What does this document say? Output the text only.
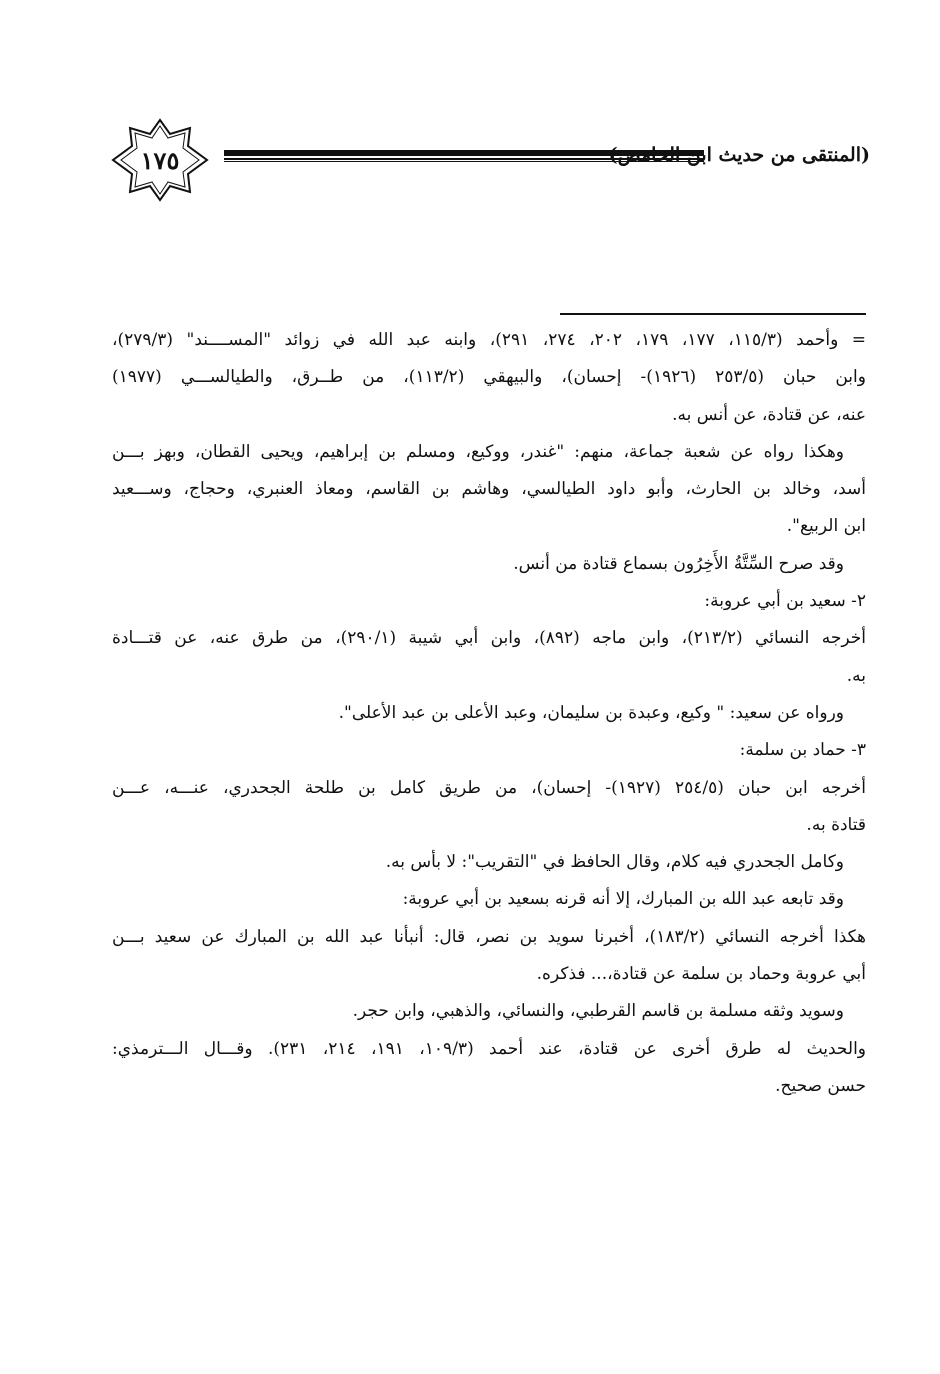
١٧٥	(المنتقى من حديث ابن الحامض)
= وأحمد (١١٥/٣، ١٧٧، ١٧٩، ٢٠٢، ٢٧٤، ٢٩١)، وابنه عبد الله في زوائد "المســــند" (٢٧٩/٣)،
وابن حبان (٢٥٣/٥ (١٩٢٦)- إحسان)، والبيهقي (١١٣/٢)، من طــرق، والطيالســـي (١٩٧٧)
عنه، عن قتادة، عن أنس به.
وهكذا رواه عن شعبة جماعة، منهم: "غندر، ووكيع، ومسلم بن إبراهيم، ويحيى القطان، وبهز بـــن
أسد، وخالد بن الحارث، وأبو داود الطيالسي، وهاشم بن القاسم، ومعاذ العنبري، وحجاج، وســـعيد
ابن الربيع".
وقد صرح السِّتَّةُ الأَخِرُون بسماع قتادة من أنس.
٢- سعيد بن أبي عروبة:
أخرجه النسائي (٢١٣/٢)، وابن ماجه (٨٩٢)، وابن أبي شيبة (٢٩٠/١)، من طرق عنه، عن قتـــادة
به.
ورواه عن سعيد: " وكيع، وعبدة بن سليمان، وعبد الأعلى بن عبد الأعلى".
٣- حماد بن سلمة:
أخرجه ابن حبان (٢٥٤/٥ (١٩٢٧)- إحسان)، من طريق كامل بن طلحة الجحدري، عنـــه، عـــن
قتادة به.
وكامل الجحدري فيه كلام، وقال الحافظ في "التقريب": لا بأس به.
وقد تابعه عبد الله بن المبارك، إلا أنه قرنه بسعيد بن أبي عروبة:
هكذا أخرجه النسائي (١٨٣/٢)، أخبرنا سويد بن نصر، قال: أنبأنا عبد الله بن المبارك عن سعيد بـــن
أبي عروبة وحماد بن سلمة عن قتادة،... فذكره.
وسويد وثقه مسلمة بن قاسم القرطبي، والنسائي، والذهبي، وابن حجر.
والحديث له طرق أخرى عن قتادة، عند أحمد (١٠٩/٣، ١٩١، ٢١٤، ٢٣١). وقـــال الـــترمذي:
حسن صحيح.
